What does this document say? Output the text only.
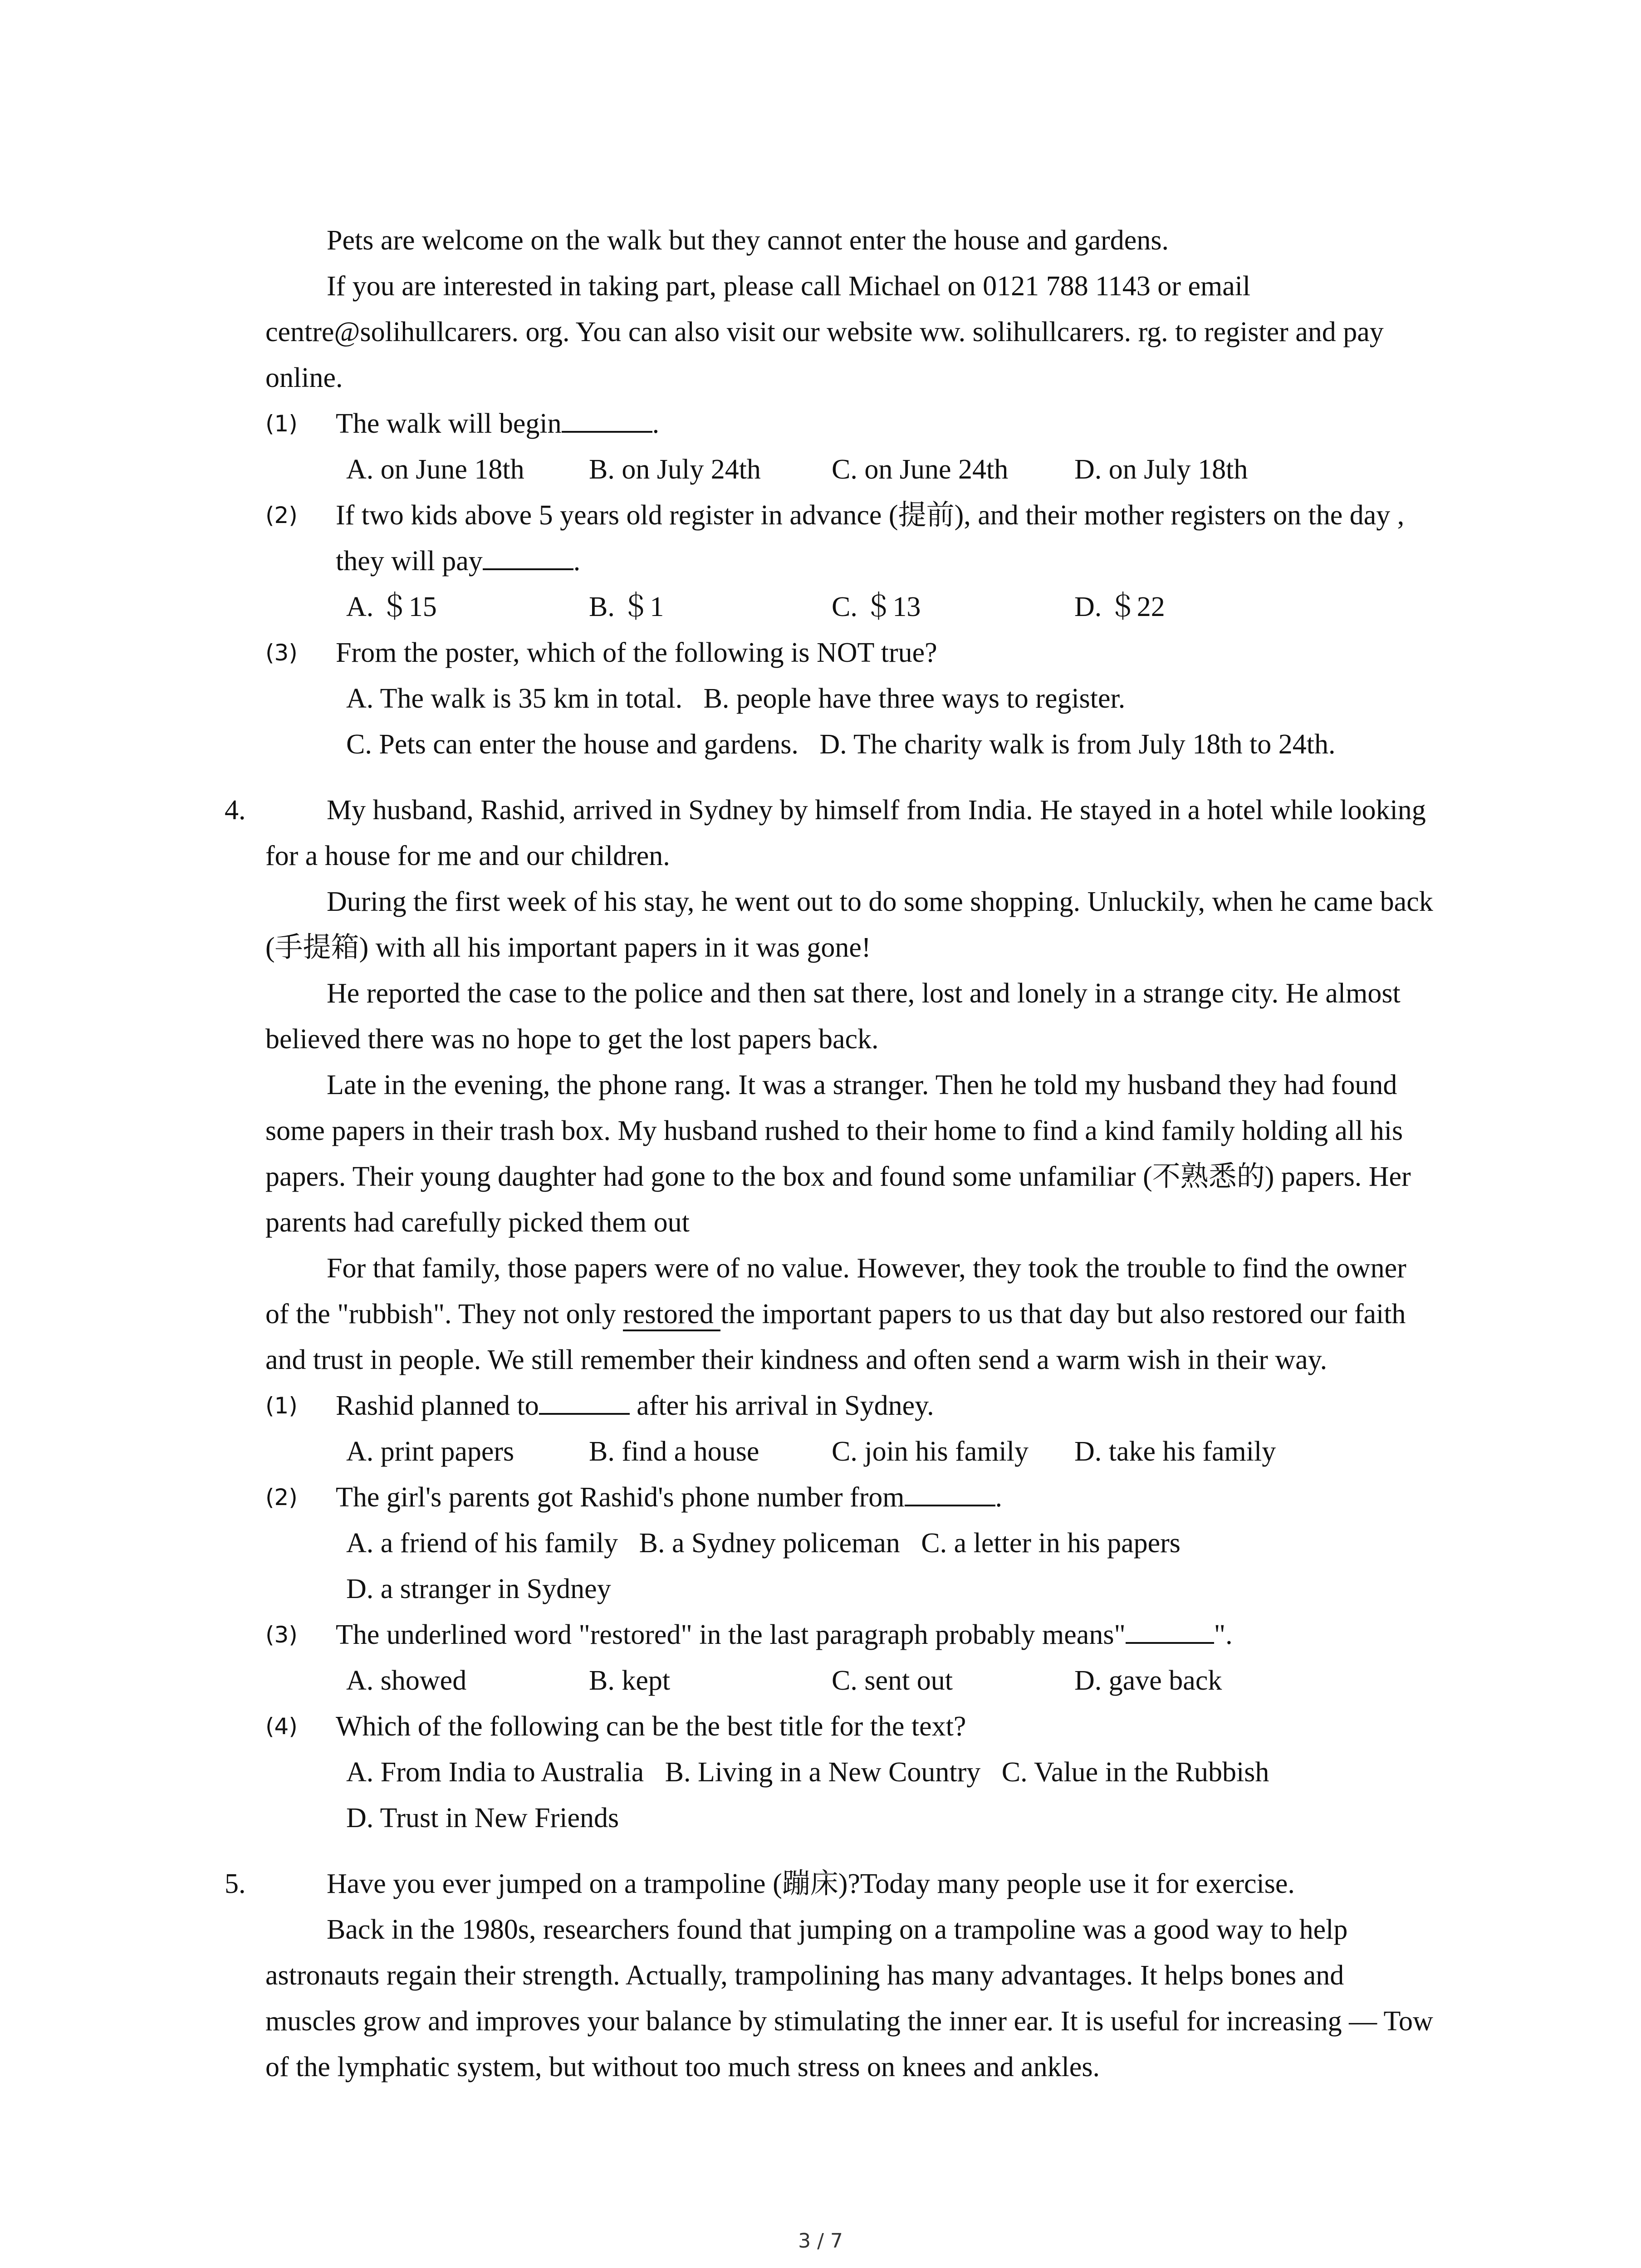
Pets are welcome on the walk but they cannot enter the house and gardens.

If you are interested in taking part, please call Michael on 0121 788 1143 or email centre@solihullcarers. org. You can also visit our website ww. solihullcarers. rg. to register and pay online.

(1) The walk will begin	.
A. on June 18th	B. on July 24th	C. on June 24th	D. on July 18th
(2) If two kids above 5 years old register in advance (提前), and their mother registers on the day , they will pay	.
A. ＄15	B. ＄1	C. ＄13	D. ＄22
(3) From the poster, which of the following is NOT true?
A. The walk is 35 km in total.   B. people have three ways to register.
C. Pets can enter the house and gardens.   D. The charity walk is from July 18th to 24th.
4.	My husband, Rashid, arrived in Sydney by himself from India. He stayed in a hotel while looking for a house for me and our children.

During the first week of his stay, he went out to do some shopping. Unluckily, when he came back (手提箱) with all his important papers in it was gone!

He reported the case to the police and then sat there, lost and lonely in a strange city. He almost believed there was no hope to get the lost papers back.

Late in the evening, the phone rang. It was a stranger. Then he told my husband they had found some papers in their trash box. My husband rushed to their home to find a kind family holding all his papers. Their young daughter had gone to the box and found some unfamiliar (不熟悉的) papers. Her parents had carefully picked them out

For that family, those papers were of no value. However, they took the trouble to find the owner of the "rubbish". They not only restored the important papers to us that day but also restored our faith and trust in people. We still remember their kindness and often send a warm wish in their way.

(1) Rashid planned to	after his arrival in Sydney.
A. print papers	B. find a house	C. join his family	D. take his family
(2) The girl's parents got Rashid's phone number from	.
A. a friend of his family   B. a Sydney policeman   C. a letter in his papers
D. a stranger in Sydney
(3) The underlined word "restored" in the last paragraph probably means"	".
A. showed	B. kept	C. sent out	D. gave back
(4) Which of the following can be the best title for the text?
A. From India to Australia   B. Living in a New Country   C. Value in the Rubbish
D. Trust in New Friends
5.	Have you ever jumped on a trampoline (蹦床)?Today many people use it for exercise.

Back in the 1980s, researchers found that jumping on a trampoline was a good way to help astronauts regain their strength. Actually, trampolining has many advantages. It helps bones and muscles grow and improves your balance by stimulating the inner ear. It is useful for increasing — Tow of the lymphatic system, but without too much stress on knees and ankles.

3 / 7
